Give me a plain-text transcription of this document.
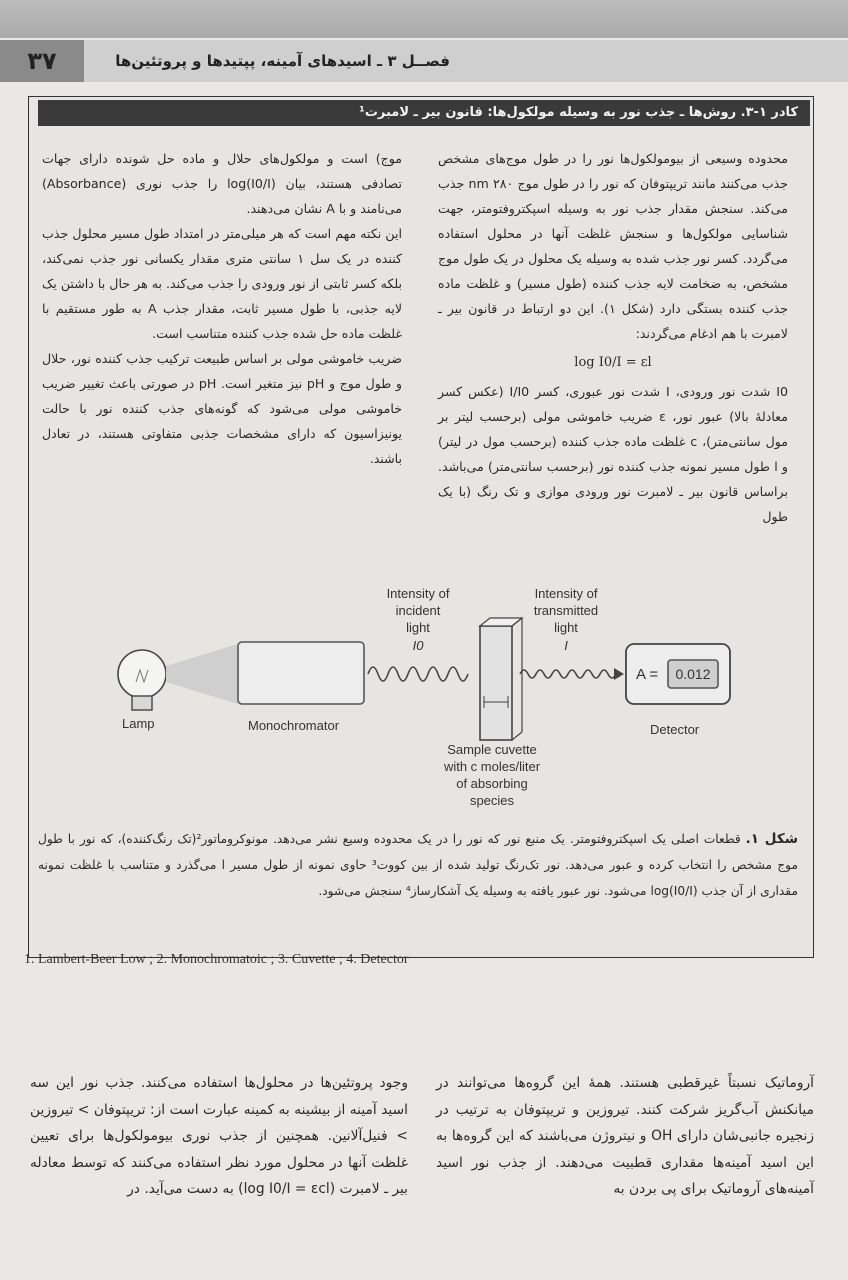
۳۷	فصــل ۳ ـ اسیدهای آمینه، پپتیدها و پروتئین‌ها
کادر ۱-۳. روش‌ها ـ جذب نور به وسیله مولکول‌ها: قانون بیر ـ لامبرت¹

محدوده وسیعی از بیومولکول‌ها نور را در طول موج‌های مشخص جذب می‌کنند مانند تریپتوفان که نور را در طول موج ۲۸۰ nm جذب می‌کند. سنجش مقدار جذب نور به وسیله اسپکتروفتومتر، جهت شناسایی مولکول‌ها و سنجش غلظت آنها در محلول استفاده می‌گردد. کسر نور جذب شده به وسیله یک محلول در یک طول موج مشخص، به ضخامت لایه جذب کننده (طول مسیر) و غلظت ماده جذب کننده بستگی دارد (شکل ۱). این دو ارتباط در قانون بیر ـ لامبرت با هم ادغام می‌گردند:

log I0/I = εl

I0 شدت نور ورودی، I شدت نور عبوری، کسر I/I0 (عکس کسر معادلهٔ بالا) عبور نور، ε ضریب خاموشی مولی (برحسب لیتر بر مول سانتی‌متر)، c غلظت ماده جذب کننده (برحسب مول در لیتر) و l طول مسیر نمونه جذب کننده نور (برحسب سانتی‌متر) می‌باشد. براساس قانون بیر ـ لامبرت نور ورودی موازی و تک رنگ (با یک طول

موج) است و مولکول‌های حلال و ماده حل شونده دارای جهات تصادفی هستند، بیان log(I0/I) را جذب نوری (Absorbance) می‌نامند و با A نشان می‌دهند.

این نکته مهم است که هر میلی‌متر در امتداد طول مسیر محلول جذب کننده در یک سل ۱ سانتی متری مقدار یکسانی نور جذب نمی‌کند، بلکه کسر ثابتی از نور ورودی را جذب می‌کند. به هر حال با داشتن یک لایه جذبی، با طول مسیر ثابت، مقدار جذب A به طور مستقیم با غلظت ماده حل شده جذب کننده متناسب است.

ضریب خاموشی مولی بر اساس طبیعت ترکیب جذب کننده نور، حلال و طول موج و pH نیز متغیر است. pH در صورتی باعث تغییر ضریب خاموشی مولی می‌شود که گونه‌های جذب کننده نور با حالت یونیزاسیون که دارای مشخصات جذبی متفاوتی هستند، در تعادل باشند.

A = 0.012
Lamp	Monochromator	Detector
Intensity of
incident
light
I0
Intensity of
transmitted
light
I
Sample cuvette
with c moles/liter
of absorbing
species
شکل ۱. قطعات اصلی یک اسپکتروفتومتر. یک منبع نور که نور را در یک محدوده وسیع نشر می‌دهد. مونوکروماتور²(تک رنگ‌کننده)، که نور با طول موج مشخص را انتخاب کرده و عبور می‌دهد. نور تک‌رنگ تولید شده از بین کووت³ حاوی نمونه از طول مسیر l می‌گذرد و متناسب با غلظت نمونه مقداری از آن جذب log(I0/I) می‌شود. نور عبور یافته به وسیله یک آشکارساز⁴ سنجش می‌شود.
1. Lambert-Beer Low ; 2. Monochromatoic ; 3. Cuvette ; 4. Detector

آروماتیک نسبتاً غیرقطبی هستند. همهٔ این گروه‌ها می‌توانند در میانکنش آب‌گریز شرکت کنند. تیروزین و تریپتوفان به ترتیب در زنجیره جانبی‌شان دارای OH و نیتروژن می‌باشند که این گروه‌ها به این اسید آمینه‌ها مقداری قطبیت می‌دهند. از جذب نور اسید آمینه‌های آروماتیک برای پی بردن به

وجود پروتئین‌ها در محلول‌ها استفاده می‌کنند. جذب نور این سه اسید آمینه از بیشینه به کمینه عبارت است از: تریپتوفان > تیروزین > فنیل‌آلانین. همچنین از جذب نوری بیومولکول‌ها برای تعیین غلظت آنها در محلول مورد نظر استفاده می‌کنند که توسط معادله بیر ـ لامبرت (log I0/I = εcl) به دست می‌آید. در
